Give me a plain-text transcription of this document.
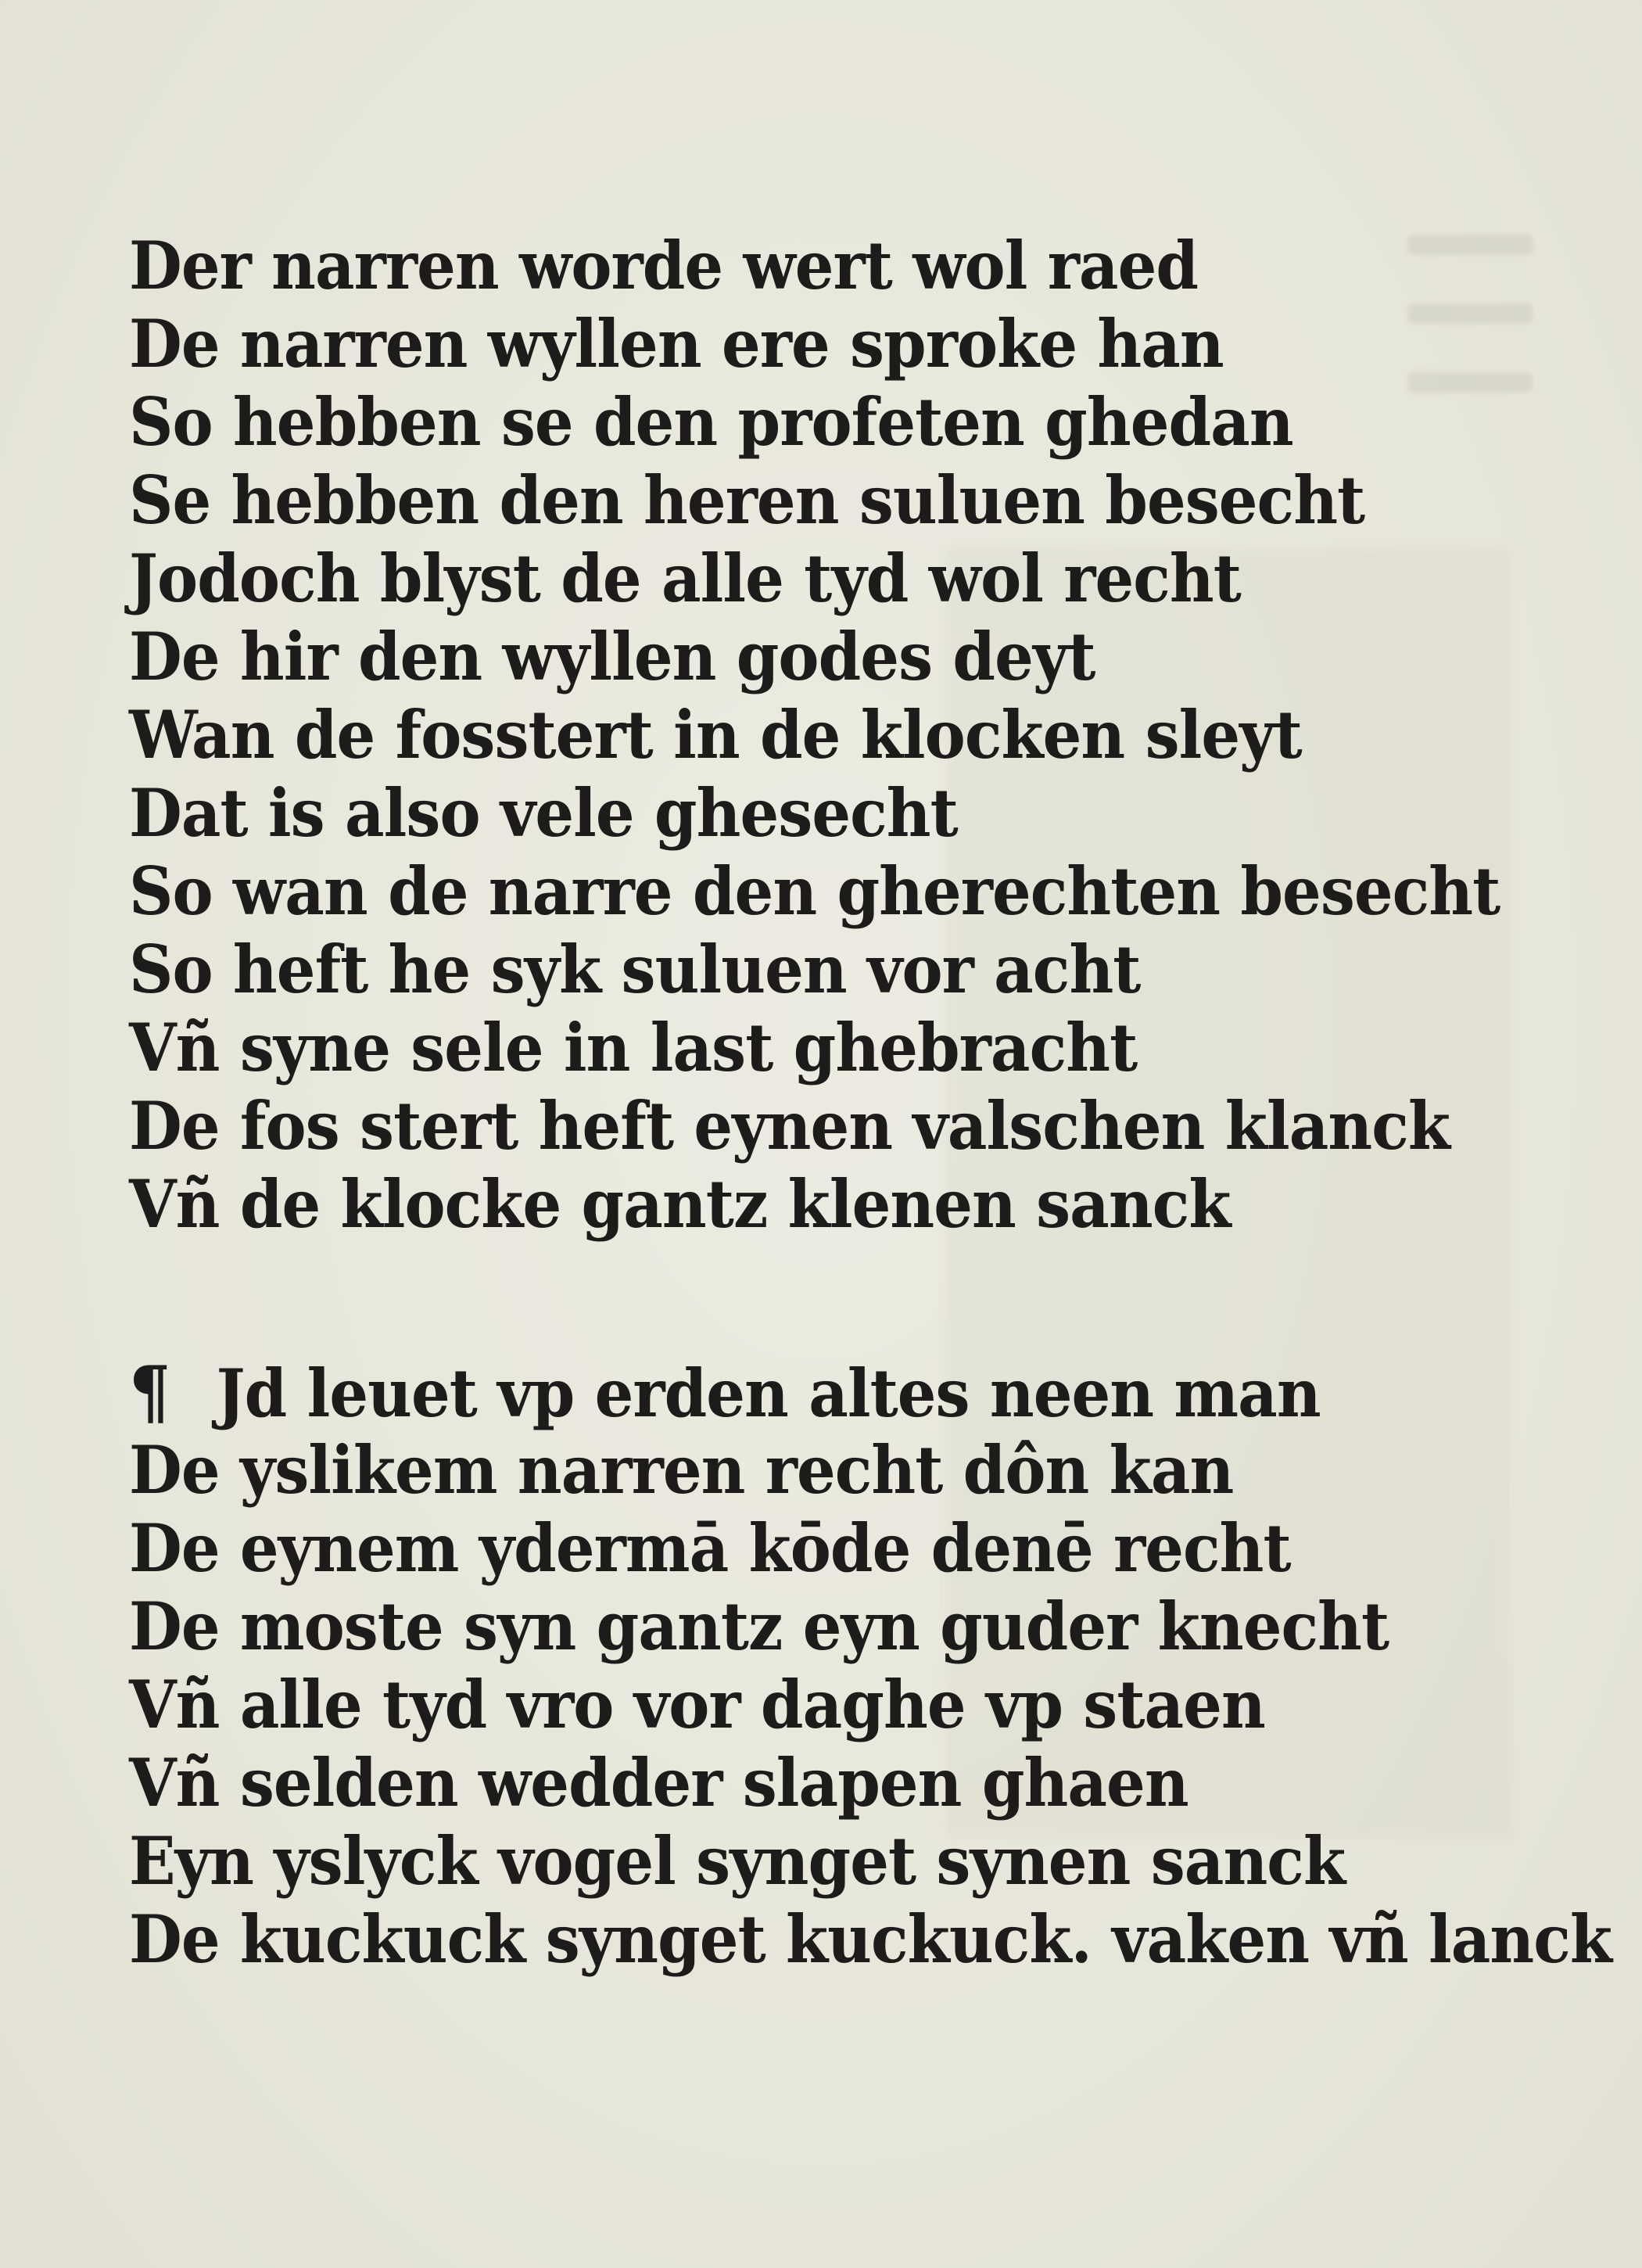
Der narren worde wert wol raed
De narren wyllen ere sproke han
So hebben se den profeten ghedan
Se hebben den heren suluen besecht
Jodoch blyst de alle tyd wol recht
De hir den wyllen godes deyt
Wan de fosstert in de klocken sleyt
Dat is also vele ghesecht
So wan de narre den gherechten besecht
So heft he syk suluen vor acht
Vñ syne sele in last ghebracht
De fos stert heft eynen valschen klanck
Vñ de klocke gantz klenen sanck
¶ Jd leuet vp erden altes neen man
De yslikem narren recht dôn kan
De eynem ydermā kōde denē recht
De moste syn gantz eyn guder knecht
Vñ alle tyd vro vor daghe vp staen
Vñ selden wedder slapen ghaen
Eyn yslyck vogel synget synen sanck
De kuckuck synget kuckuck. vaken vñ lanck
